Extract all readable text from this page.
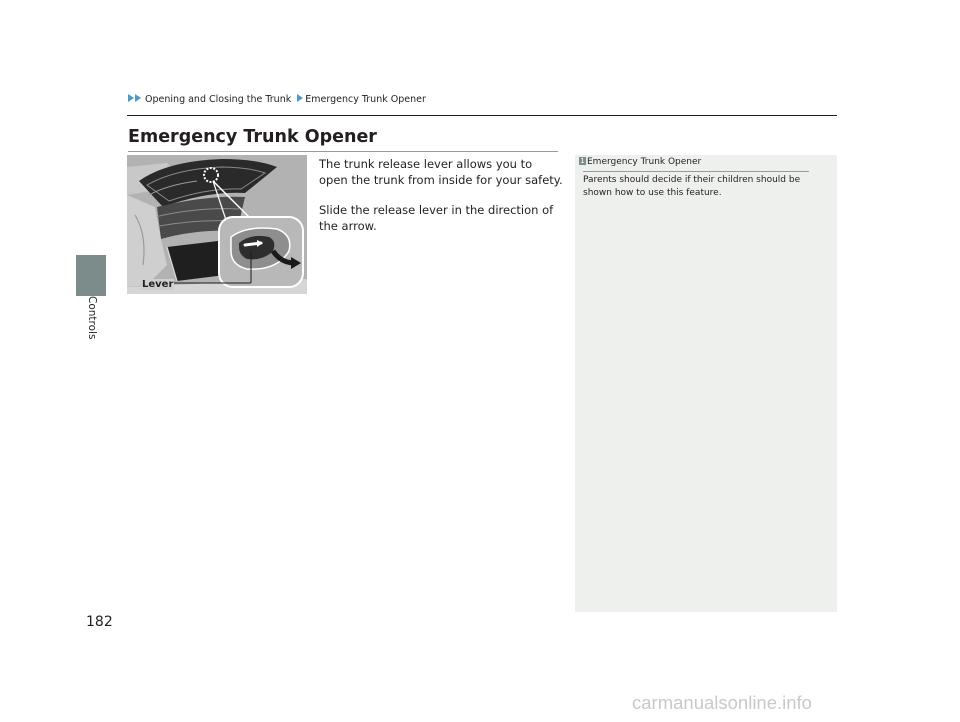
Controls
Opening and Closing the Trunk Emergency Trunk Opener
Emergency Trunk Opener
Lever
The trunk release lever allows you to open the trunk from inside for your safety.
Slide the release lever in the direction of the arrow.
1 Emergency Trunk Opener
Parents should decide if their children should be shown how to use this feature.
182
carmanualsonline.info
